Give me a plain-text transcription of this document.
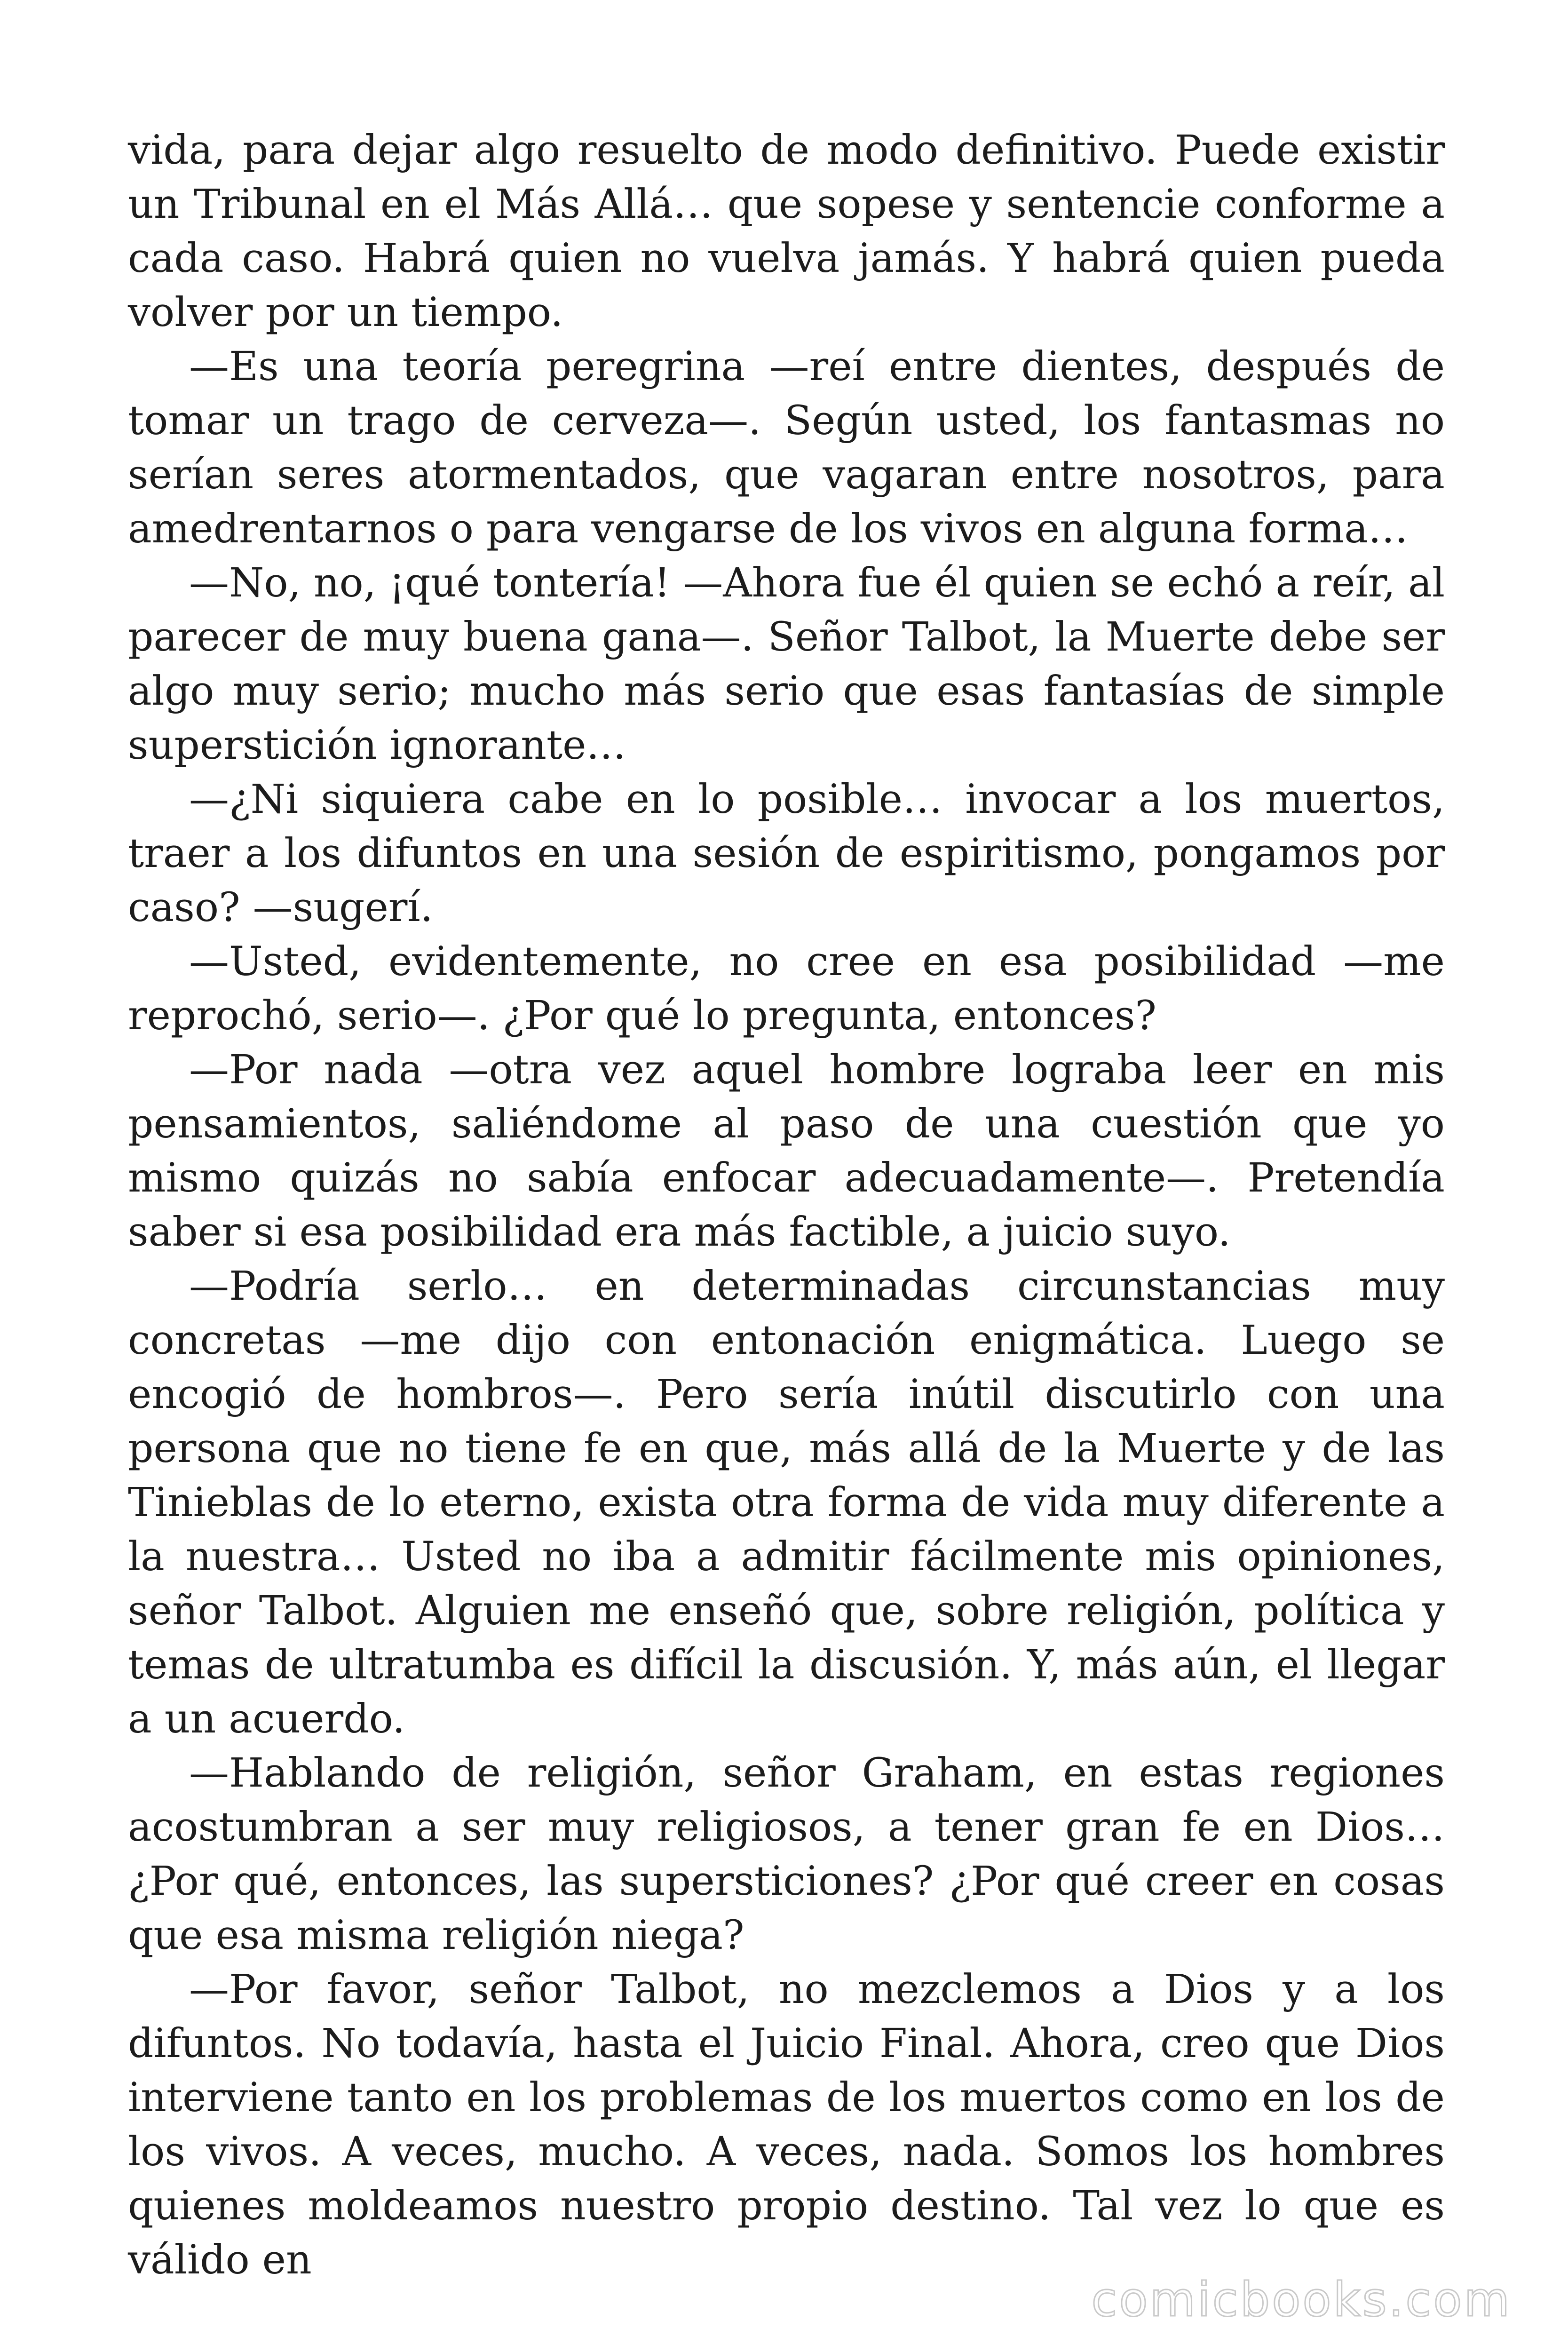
vida, para dejar algo resuelto de modo definitivo. Puede existir un Tribunal en el Más Allá… que sopese y sentencie conforme a cada caso. Habrá quien no vuelva jamás. Y habrá quien pueda volver por un tiempo.

—Es una teoría peregrina —reí entre dientes, después de tomar un trago de cerveza—. Según usted, los fantasmas no serían seres atormentados, que vagaran entre nosotros, para amedrentarnos o para vengarse de los vivos en alguna forma…

—No, no, ¡qué tontería! —Ahora fue él quien se echó a reír, al parecer de muy buena gana—. Señor Talbot, la Muerte debe ser algo muy serio; mucho más serio que esas fantasías de simple superstición ignorante…

—¿Ni siquiera cabe en lo posible… invocar a los muertos, traer a los difuntos en una sesión de espiritismo, pongamos por caso? —sugerí.

—Usted, evidentemente, no cree en esa posibilidad —me reprochó, serio—. ¿Por qué lo pregunta, entonces?

—Por nada —otra vez aquel hombre lograba leer en mis pensamientos, saliéndome al paso de una cuestión que yo mismo quizás no sabía enfocar adecuadamente—. Pretendía saber si esa posibilidad era más factible, a juicio suyo.

—Podría serlo… en determinadas circunstancias muy concretas —me dijo con entonación enigmática. Luego se encogió de hombros—. Pero sería inútil discutirlo con una persona que no tiene fe en que, más allá de la Muerte y de las Tinieblas de lo eterno, exista otra forma de vida muy diferente a la nuestra… Usted no iba a admitir fácilmente mis opiniones, señor Talbot. Alguien me enseñó que, sobre religión, política y temas de ultratumba es difícil la discusión. Y, más aún, el llegar a un acuerdo.

—Hablando de religión, señor Graham, en estas regiones acostumbran a ser muy religiosos, a tener gran fe en Dios… ¿Por qué, entonces, las supersticiones? ¿Por qué creer en cosas que esa misma religión niega?

—Por favor, señor Talbot, no mezclemos a Dios y a los difuntos. No todavía, hasta el Juicio Final. Ahora, creo que Dios interviene tanto en los problemas de los muertos como en los de los vivos. A veces, mucho. A veces, nada. Somos los hombres quienes moldeamos nuestro propio destino. Tal vez lo que es válido en

comicbooks.com
